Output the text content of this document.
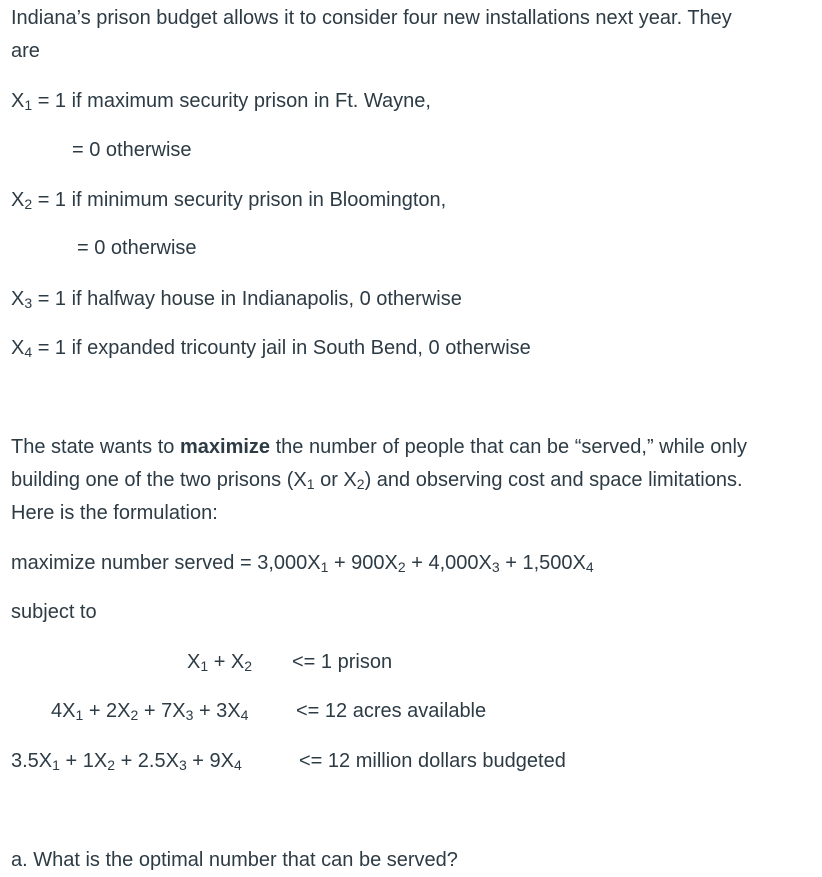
Indiana’s prison budget allows it to consider four new installations next year. They
are
$X_1 = 1$ if maximum security prison in Ft. Wayne,
= 0 otherwise
$X_2 = 1$ if minimum security prison in Bloomington,
= 0 otherwise
$X_3 = 1$ if halfway house in Indianapolis, 0 otherwise
$X_4 = 1$ if expanded tricounty jail in South Bend, 0 otherwise
The state wants to maximize the number of people that can be “served,” while only
building one of the two prisons ($X_1$ or $X_2$) and observing cost and space limitations.
Here is the formulation:
maximize number served = $3,000X_1 + 900X_2 + 4,000X_3 + 1,500X_4$
subject to
$X_1 + X_2 <= 1$ prison
$4X_1 + 2X_2 + 7X_3 + 3X_4 <= 12$ acres available
$3.5X_1 + 1X_2 + 2.5X_3 + 9X_4$	<= 12 million dollars budgeted
a. What is the optimal number that can be served?
